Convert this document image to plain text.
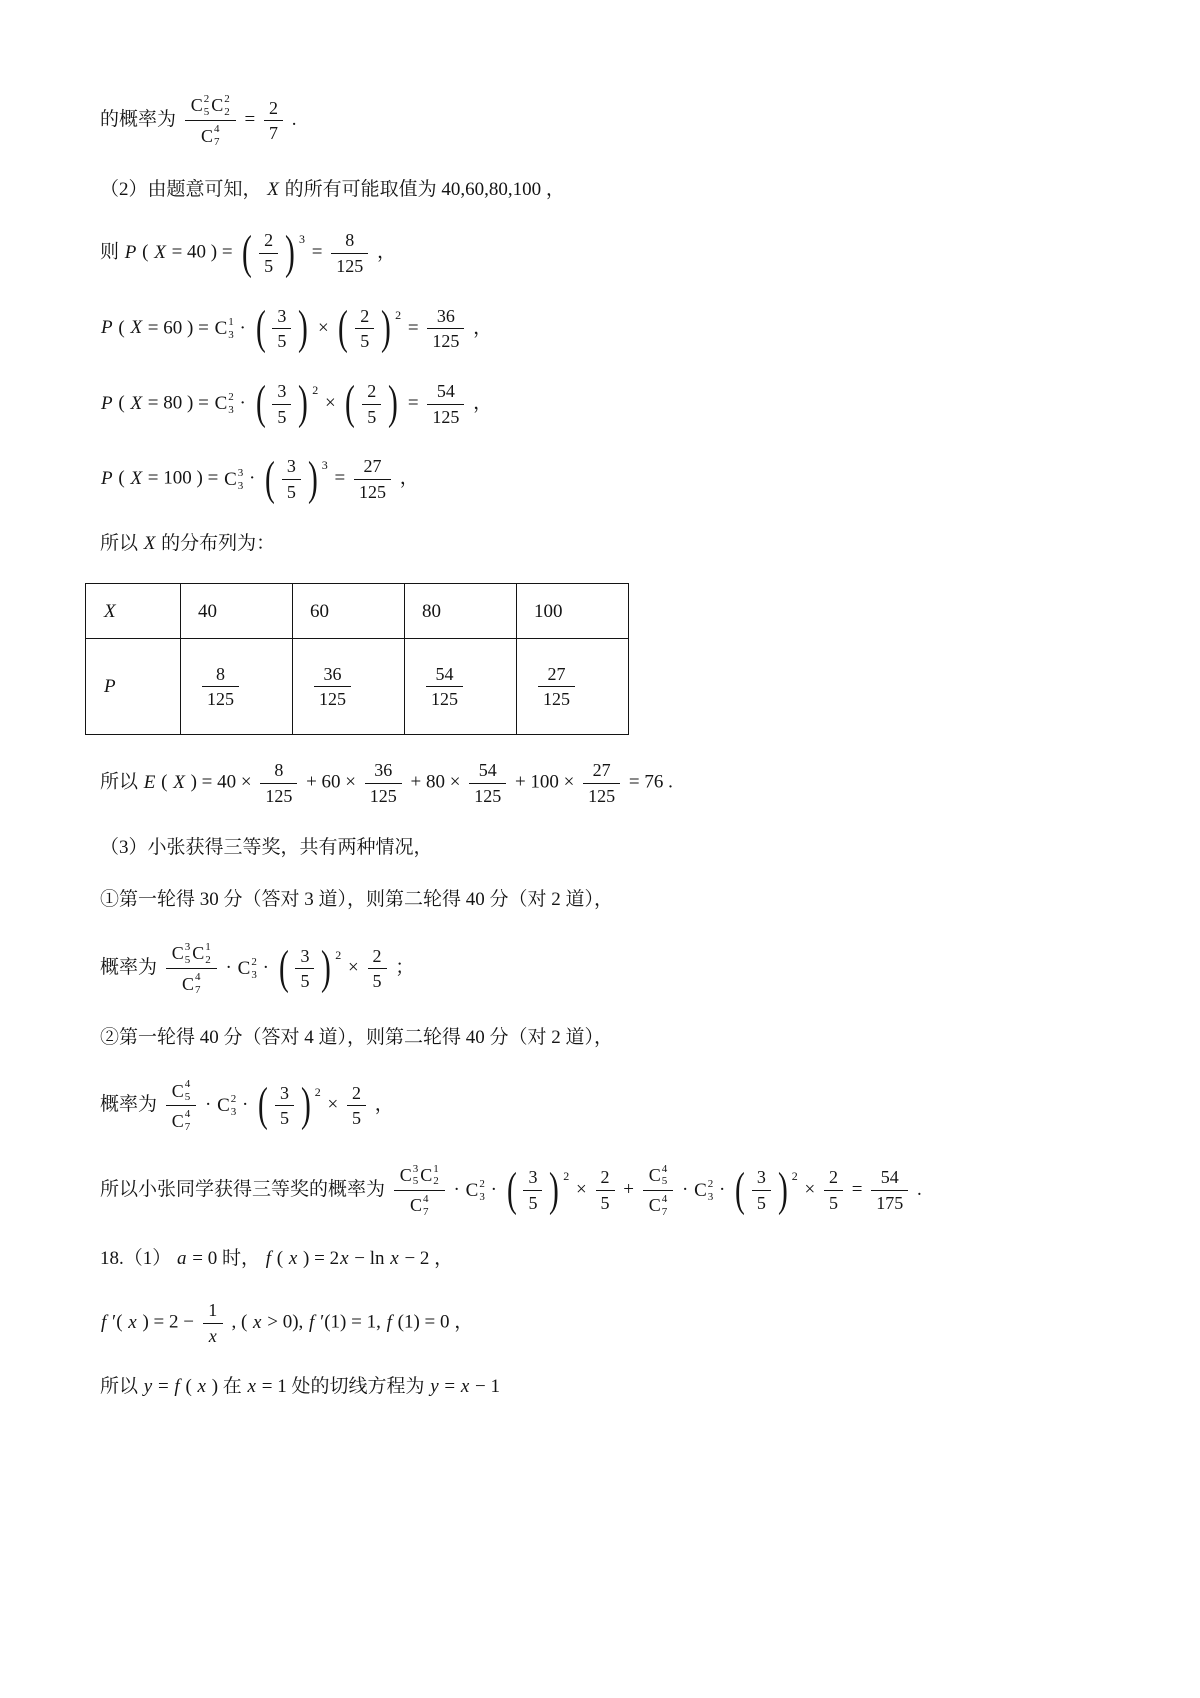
的概率为 C 2
5 C 2
2
C 4
$7 = \frac{2}{7}$ .
（2）由题意可知， X 的所有可能取值为 40,60,80,100 ，
则 P ( X = 40 ) = ( $\frac{2}{5}$ ) 3
= $\frac{8}{125}$ ，
P ( X = 60 ) = C 1
3 · ( $\frac{3}{5}$ ) × ( $\frac{2}{5}$ ) 2
= $\frac{36}{125}$ ，
P ( X = 80 ) = C 2
3 · ( $\frac{3}{5}$ ) 2
× ( $\frac{2}{5}$ ) = $\frac{54}{125}$ ，
P ( X = 100 ) = C 3
3 · ( $\frac{3}{5}$ ) 3
= $\frac{27}{125}$ ，
所以 X 的分布列为：
X	40	60	80	100
P	$\frac{8}{125}$	$\frac{36}{125}$	$\frac{54}{125}$	$\frac{27}{125}$
所以 E ( X ) = $40 \times \frac{8}{125} + 60 \times \frac{36}{125} + 80 \times \frac{54}{125} + 100 \times \frac{27}{125} = 76$ .
（3）小张获得三等奖，共有两种情况，
①第一轮得 30 分（答对 3 道），则第二轮得 40 分（对 2 道），
概率为 C 3
5 C 1
2
C 4
7 · C 2
3 · ( $\frac{3}{5}$ ) 2
× $\frac{2}{5}$ ；
②第一轮得 40 分（答对 4 道），则第二轮得 40 分（对 2 道），
概率为 C 4
5
C 4
7 · C 2
3 · ( $\frac{3}{5}$ ) 2
× $\frac{2}{5}$ ，
所以小张同学获得三等奖的概率为 C 3
5 C 1
2
C 4
7 · C 2
3 · ( $\frac{3}{5}$ ) 2
× $\frac{2}{5} + C$ 4
5
C 4
7 · C 2
3 · ( $\frac{3}{5}$ ) 2
× $\frac{2}{5} = \frac{54}{175}$ .
18.（1） a = 0 时， f ( x ) = 2x − ln x − 2 ，
f ′( x ) = $2 - \frac{1}{x}$ , ( x > 0), f ′(1) = 1, f (1) = 0 ，
所以 y = f ( x ) 在 x = 1 处的切线方程为 y = x − 1
